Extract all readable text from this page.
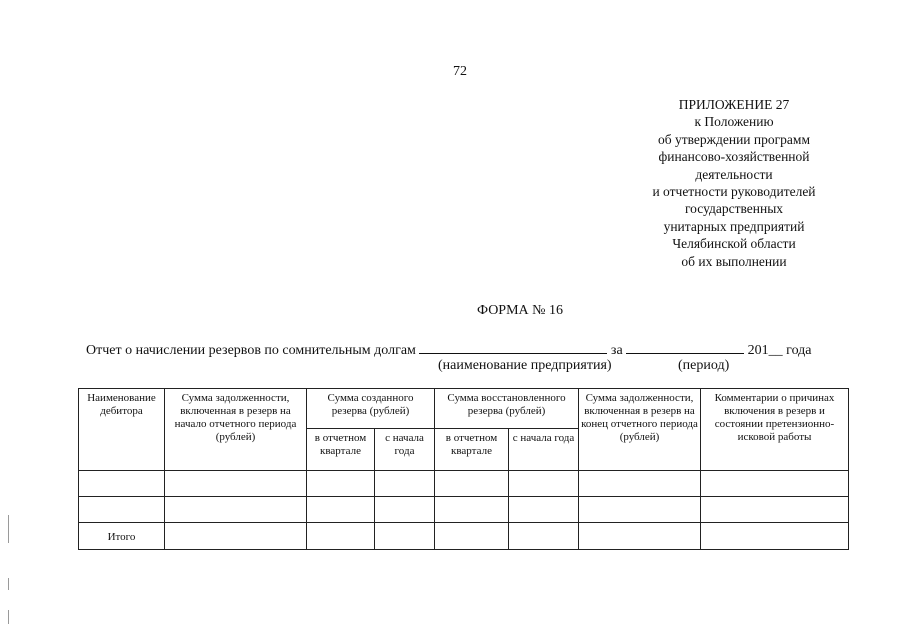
72
ПРИЛОЖЕНИЕ 27
к Положению
об утверждении программ
финансово-хозяйственной
деятельности
и отчетности руководителей
государственных
унитарных предприятий
Челябинской области
об их выполнении
ФОРМА № 16
Отчет о начислении резервов по сомнительным долгам	за	201__ года
(наименование предприятия)	(период)
Наименование дебитора	Сумма задолженности, включенная в резерв на начало отчетного периода (рублей)	Сумма созданного резерва (рублей)		Сумма восстановленного резерва (рублей)		Сумма задолженности, включенная в резерв на конец отчетного периода (рублей)	Комментарии о причинах включения в резерв и состоянии претензионно-исковой работы
		в отчетном квартале	с начала года	в отчетном квартале	с начала года		

Итого							
